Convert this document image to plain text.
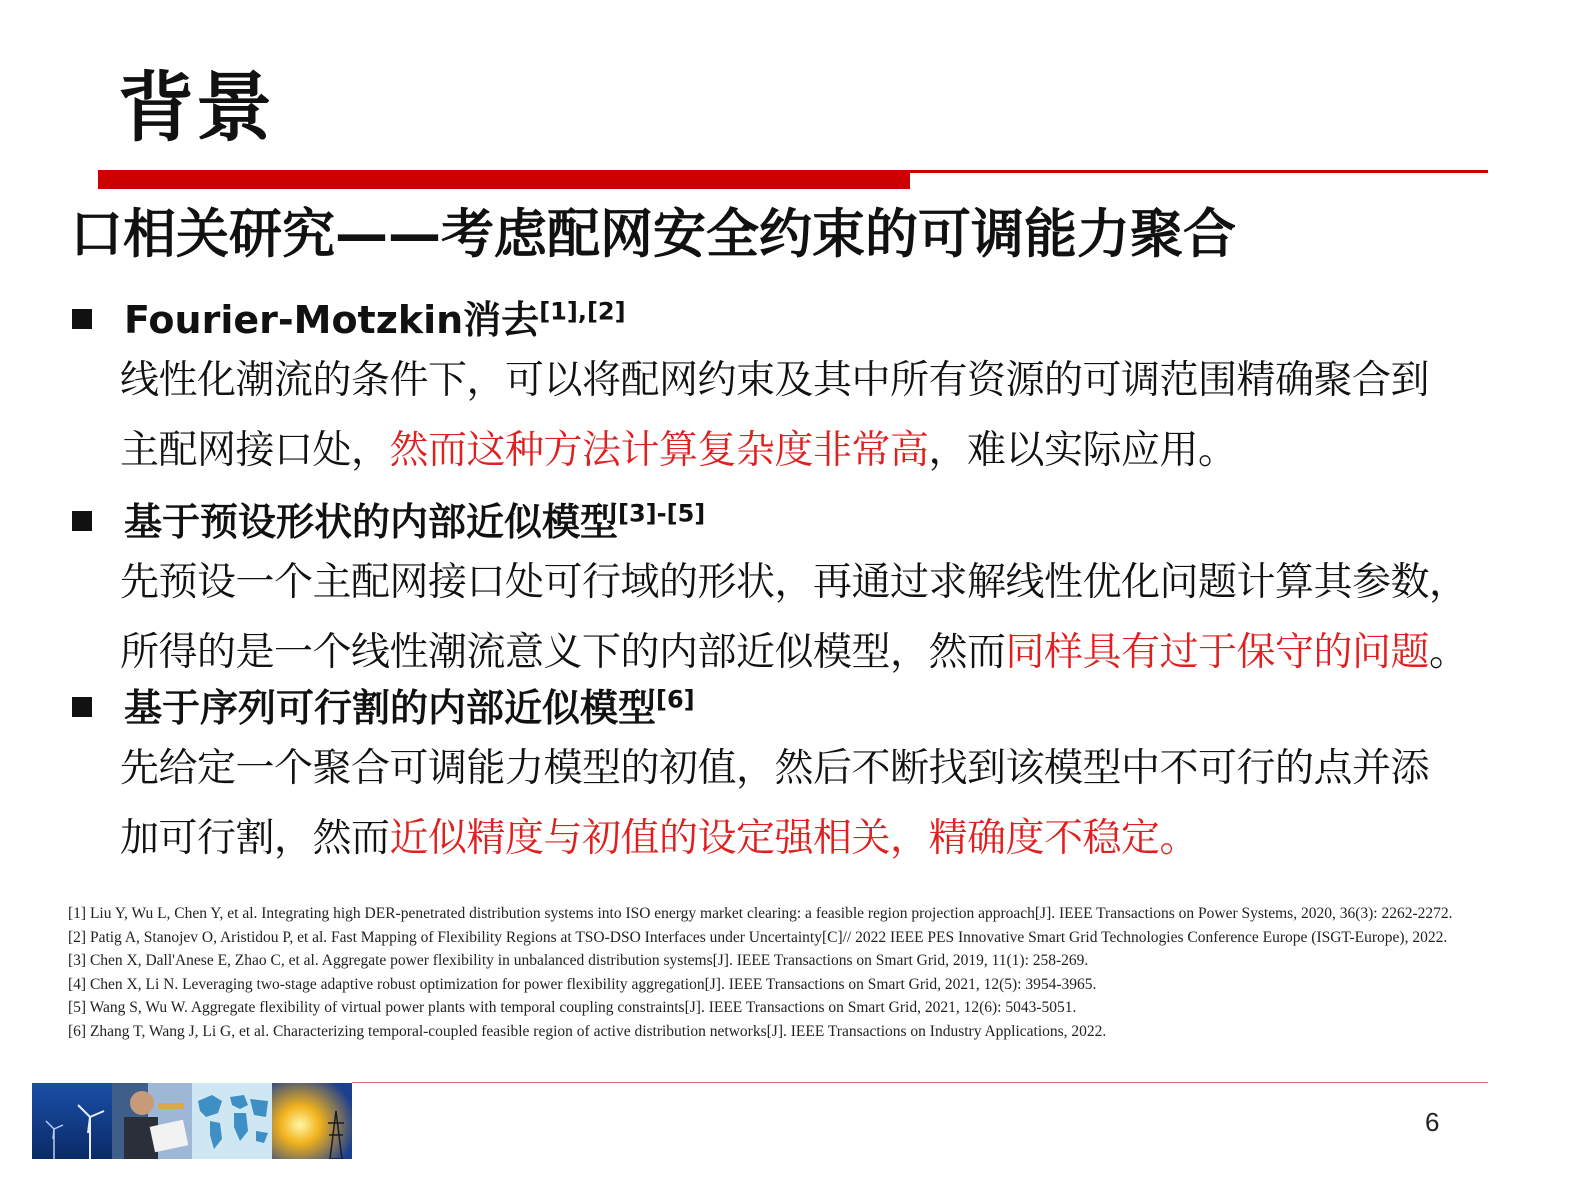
背景
口相关研究——考虑配网安全约束的可调能力聚合
Fourier-Motzkin消去[1],[2]
线性化潮流的条件下，可以将配网约束及其中所有资源的可调范围精确聚合到
主配网接口处，然而这种方法计算复杂度非常高，难以实际应用。
基于预设形状的内部近似模型[3]-[5]
先预设一个主配网接口处可行域的形状，再通过求解线性优化问题计算其参数，
所得的是一个线性潮流意义下的内部近似模型，然而同样具有过于保守的问题。
基于序列可行割的内部近似模型[6]
先给定一个聚合可调能力模型的初值，然后不断找到该模型中不可行的点并添
加可行割，然而近似精度与初值的设定强相关，精确度不稳定。

[1] Liu Y, Wu L, Chen Y, et al. Integrating high DER-penetrated distribution systems into ISO energy market clearing: a feasible region projection approach[J]. IEEE Transactions on Power Systems, 2020, 36(3): 2262-2272.

[2] Patig A, Stanojev O, Aristidou P, et al. Fast Mapping of Flexibility Regions at TSO-DSO Interfaces under Uncertainty[C]// 2022 IEEE PES Innovative Smart Grid Technologies Conference Europe (ISGT-Europe), 2022.

[3] Chen X, Dall'Anese E, Zhao C, et al. Aggregate power flexibility in unbalanced distribution systems[J]. IEEE Transactions on Smart Grid, 2019, 11(1): 258-269.

[4] Chen X, Li N. Leveraging two-stage adaptive robust optimization for power flexibility aggregation[J]. IEEE Transactions on Smart Grid, 2021, 12(5): 3954-3965.

[5] Wang S, Wu W. Aggregate flexibility of virtual power plants with temporal coupling constraints[J]. IEEE Transactions on Smart Grid, 2021, 12(6): 5043-5051.

[6] Zhang T, Wang J, Li G, et al. Characterizing temporal-coupled feasible region of active distribution networks[J]. IEEE Transactions on Industry Applications, 2022.

6
